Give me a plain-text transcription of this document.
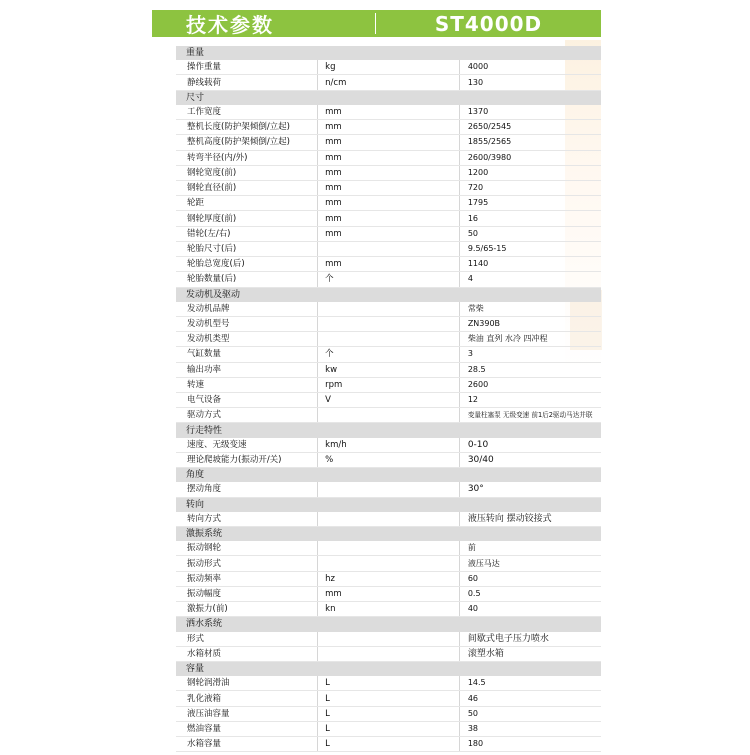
技术参数	ST4000D
重量		
操作重量	kg	4000
静线载荷	n/cm	130
尺寸		
工作宽度	mm	1370
整机长度(防护架倾倒/立起)	mm	2650/2545
整机高度(防护架倾倒/立起)	mm	1855/2565
转弯半径(内/外)	mm	2600/3980
钢轮宽度(前)	mm	1200
钢轮直径(前)	mm	720
轮距	mm	1795
钢轮厚度(前)	mm	16
错轮(左/右)	mm	50
轮胎尺寸(后)		9.5/65-15
轮胎总宽度(后)	mm	1140
轮胎数量(后)	个	4
发动机及驱动		
发动机品牌		常柴
发动机型号		ZN390B
发动机类型		柴油 直列 水冷 四冲程
气缸数量	个	3
输出功率	kw	28.5
转速	rpm	2600
电气设备	V	12
驱动方式		变量柱塞泵 无级变速 前1后2驱动马达并联
行走特性		
速度、无级变速	km/h	0-10
理论爬坡能力(振动开/关)	%	30/40
角度		
摆动角度		30°
转向		
转向方式		液压转向 摆动铰接式
激振系统		
振动钢轮		前
振动形式		液压马达
振动频率	hz	60
振动幅度	mm	0.5
激振力(前)	kn	40
洒水系统		
形式		间歇式电子压力喷水
水箱材质		滚塑水箱
容量		
钢轮润滑油	L	14.5
乳化液箱	L	46
液压油容量	L	50
燃油容量	L	38
水箱容量	L	180
